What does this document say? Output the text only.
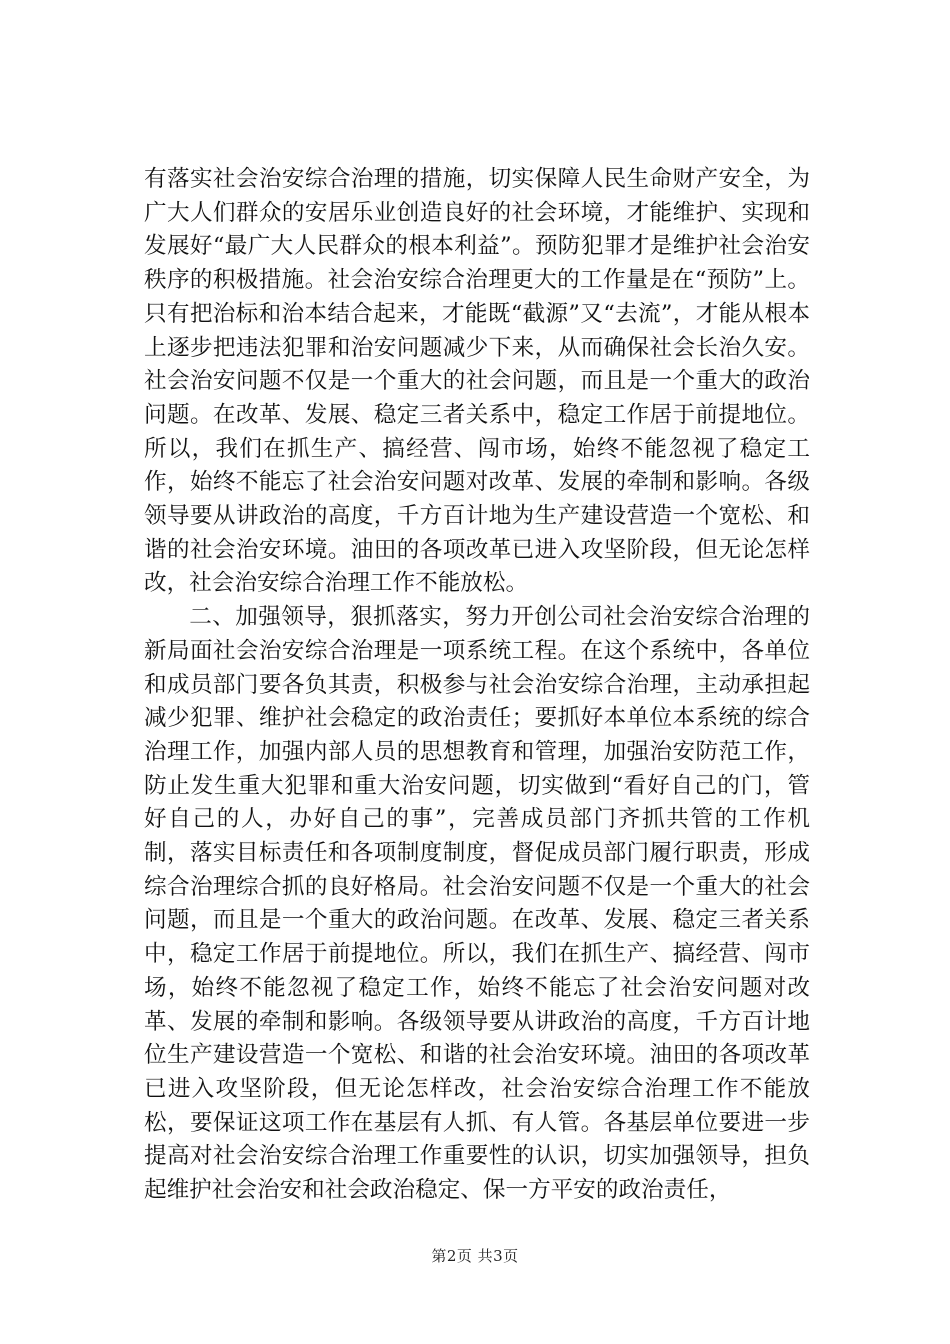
有落实社会治安综合治理的措施，切实保障人民生命财产安全，为广大人们群众的安居乐业创造良好的社会环境，才能维护、实现和发展好“最广大人民群众的根本利益”。预防犯罪才是维护社会治安秩序的积极措施。社会治安综合治理更大的工作量是在“预防”上。只有把治标和治本结合起来，才能既“截源”又“去流”，才能从根本上逐步把违法犯罪和治安问题减少下来，从而确保社会长治久安。社会治安问题不仅是一个重大的社会问题，而且是一个重大的政治问题。在改革、发展、稳定三者关系中，稳定工作居于前提地位。所以，我们在抓生产、搞经营、闯市场，始终不能忽视了稳定工作，始终不能忘了社会治安问题对改革、发展的牵制和影响。各级领导要从讲政治的高度，千方百计地为生产建设营造一个宽松、和谐的社会治安环境。油田的各项改革已进入攻坚阶段，但无论怎样改，社会治安综合治理工作不能放松。

二、加强领导，狠抓落实，努力开创公司社会治安综合治理的新局面社会治安综合治理是一项系统工程。在这个系统中，各单位和成员部门要各负其责，积极参与社会治安综合治理，主动承担起减少犯罪、维护社会稳定的政治责任；要抓好本单位本系统的综合治理工作，加强内部人员的思想教育和管理，加强治安防范工作，防止发生重大犯罪和重大治安问题，切实做到“看好自己的门，管好自己的人，办好自己的事”，完善成员部门齐抓共管的工作机制，落实目标责任和各项制度制度，督促成员部门履行职责，形成综合治理综合抓的良好格局。社会治安问题不仅是一个重大的社会问题，而且是一个重大的政治问题。在改革、发展、稳定三者关系中，稳定工作居于前提地位。所以，我们在抓生产、搞经营、闯市场，始终不能忽视了稳定工作，始终不能忘了社会治安问题对改革、发展的牵制和影响。各级领导要从讲政治的高度，千方百计地位生产建设营造一个宽松、和谐的社会治安环境。油田的各项改革已进入攻坚阶段，但无论怎样改，社会治安综合治理工作不能放松，要保证这项工作在基层有人抓、有人管。各基层单位要进一步提高对社会治安综合治理工作重要性的认识，切实加强领导，担负起维护社会治安和社会政治稳定、保一方平安的政治责任，

第2页 共3页
